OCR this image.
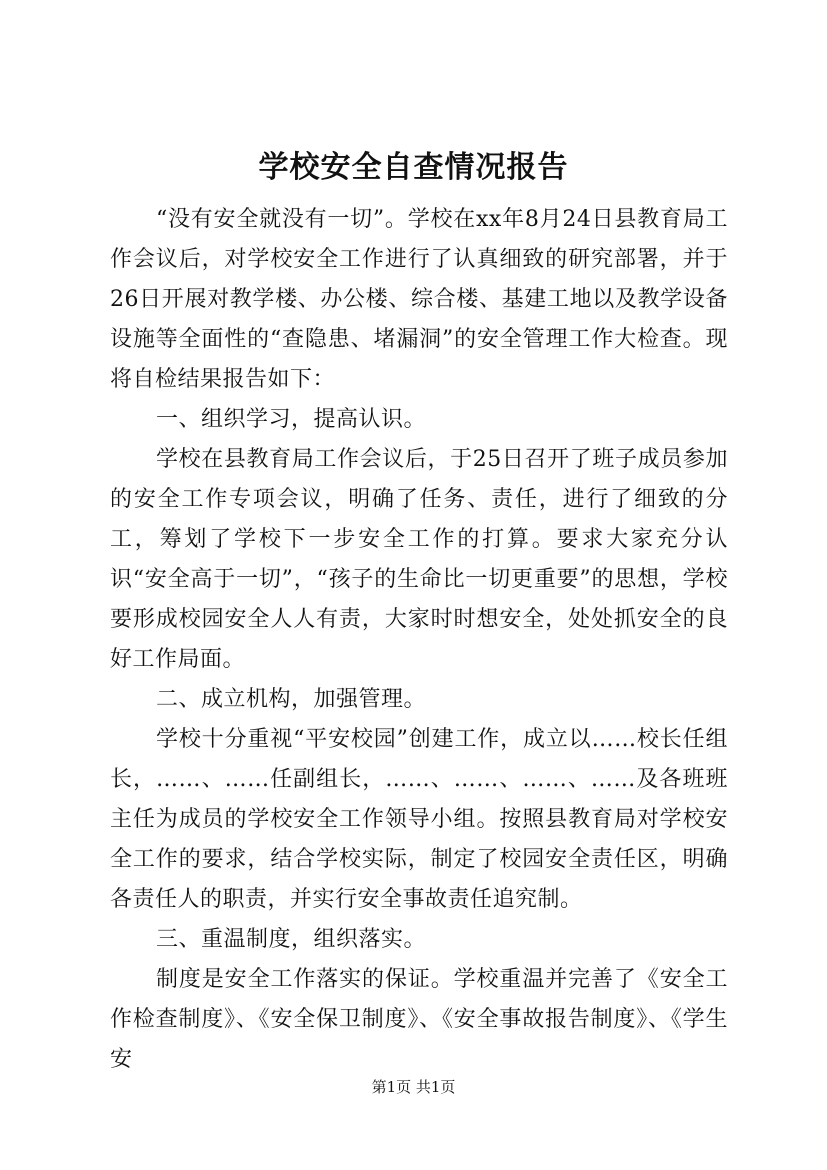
学校安全自查情况报告

“没有安全就没有一切”。学校在xx年8月24日县教育局工作会议后，对学校安全工作进行了认真细致的研究部署，并于26日开展对教学楼、办公楼、综合楼、基建工地以及教学设备设施等全面性的“查隐患、堵漏洞”的安全管理工作大检查。现将自检结果报告如下：

一、组织学习，提高认识。

学校在县教育局工作会议后，于25日召开了班子成员参加的安全工作专项会议，明确了任务、责任，进行了细致的分工，筹划了学校下一步安全工作的打算。要求大家充分认识“安全高于一切”，“孩子的生命比一切更重要”的思想，学校要形成校园安全人人有责，大家时时想安全，处处抓安全的良好工作局面。

二、成立机构，加强管理。

学校十分重视“平安校园”创建工作，成立以……校长任组长，……、……任副组长，……、……、……、……及各班班主任为成员的学校安全工作领导小组。按照县教育局对学校安全工作的要求，结合学校实际，制定了校园安全责任区，明确各责任人的职责，并实行安全事故责任追究制。

三、重温制度，组织落实。

制度是安全工作落实的保证。学校重温并完善了《安全工作检查制度》、《安全保卫制度》、《安全事故报告制度》、《学生安

第1页 共1页
